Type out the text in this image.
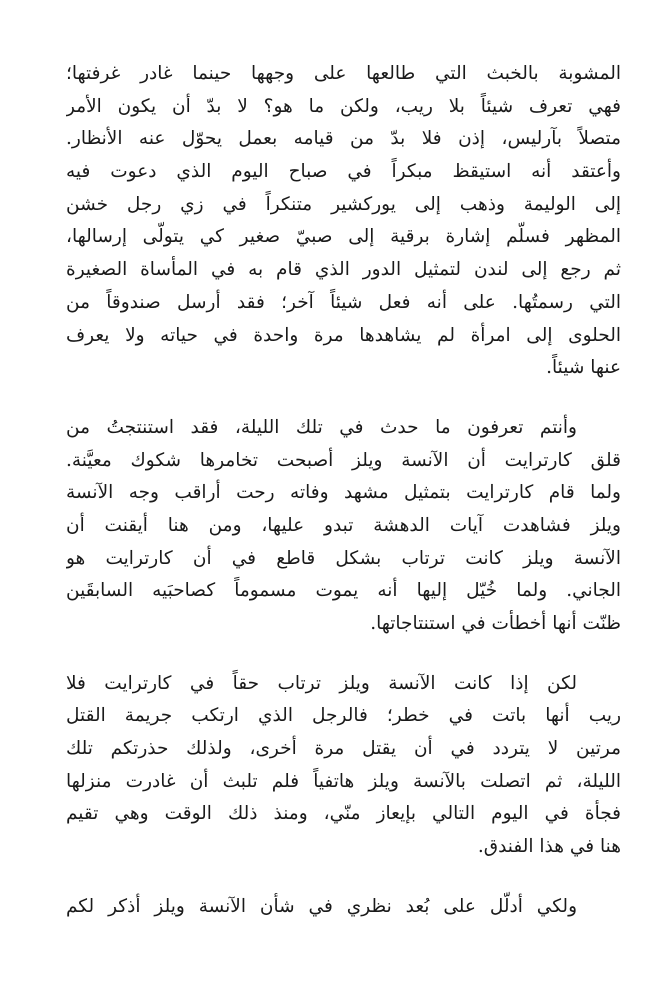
المشوبة بالخبث التي طالعها على وجهها حينما غادر غرفتها؛
فهي تعرف شيئاً بلا ريب، ولكن ما هو؟ لا بدّ أن يكون الأمر
متصلاً بآرليس، إذن فلا بدّ من قيامه بعمل يحوّل عنه الأنظار.
وأعتقد أنه استيقظ مبكراً في صباح اليوم الذي دعوت فيه
إلى الوليمة وذهب إلى يوركشير متنكراً في زي رجل خشن
المظهر فسلّم إشارة برقية إلى صبيّ صغير كي يتولّى إرسالها،
ثم رجع إلى لندن لتمثيل الدور الذي قام به في المأساة الصغيرة
التي رسمتُها. على أنه فعل شيئاً آخر؛ فقد أرسل صندوقاً من
الحلوى إلى امرأة لم يشاهدها مرة واحدة في حياته ولا يعرف
عنها شيئاً.
وأنتم تعرفون ما حدث في تلك الليلة، فقد استنتجتُ من
قلق كارترايت أن الآنسة ويلز أصبحت تخامرها شكوك معيَّنة.
ولما قام كارترايت بتمثيل مشهد وفاته رحت أراقب وجه الآنسة
ويلز فشاهدت آيات الدهشة تبدو عليها، ومن هنا أيقنت أن
الآنسة ويلز كانت ترتاب بشكل قاطع في أن كارترايت هو
الجاني. ولما خُيّل إليها أنه يموت مسموماً كصاحبَيه السابقَين
ظنّت أنها أخطأت في استنتاجاتها.
لكن إذا كانت الآنسة ويلز ترتاب حقاً في كارترايت فلا
ريب أنها باتت في خطر؛ فالرجل الذي ارتكب جريمة القتل
مرتين لا يتردد في أن يقتل مرة أخرى، ولذلك حذرتكم تلك
الليلة، ثم اتصلت بالآنسة ويلز هاتفياً فلم تلبث أن غادرت منزلها
فجأة في اليوم التالي بإيعاز منّي، ومنذ ذلك الوقت وهي تقيم
هنا في هذا الفندق.
ولكي أدلّل على بُعد نظري في شأن الآنسة ويلز أذكر لكم
